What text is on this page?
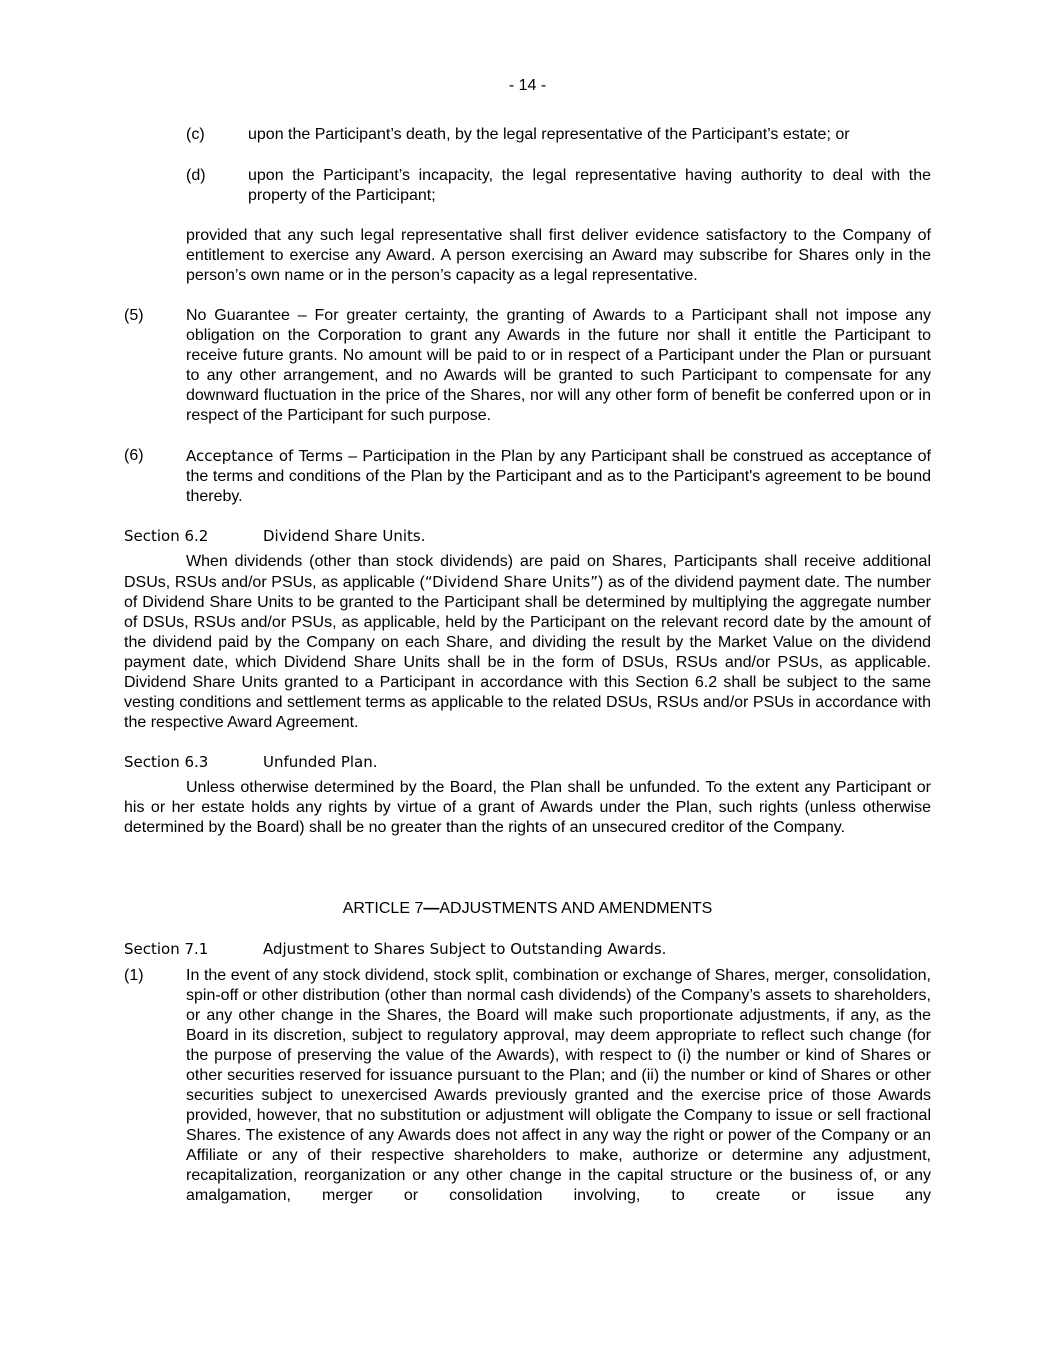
- 14 -
(c)	upon the Participant’s death, by the legal representative of the Participant’s estate; or
(d)	upon the Participant’s incapacity, the legal representative having authority to deal with the property of the Participant;
provided that any such legal representative shall first deliver evidence satisfactory to the Company of entitlement to exercise any Award. A person exercising an Award may subscribe for Shares only in the person’s own name or in the person’s capacity as a legal representative.
(5)	No Guarantee – For greater certainty, the granting of Awards to a Participant shall not impose any obligation on the Corporation to grant any Awards in the future nor shall it entitle the Participant to receive future grants. No amount will be paid to or in respect of a Participant under the Plan or pursuant to any other arrangement, and no Awards will be granted to such Participant to compensate for any downward fluctuation in the price of the Shares, nor will any other form of benefit be conferred upon or in respect of the Participant for such purpose.
(6)	Acceptance of Terms – Participation in the Plan by any Participant shall be construed as acceptance of the terms and conditions of the Plan by the Participant and as to the Participant's agreement to be bound thereby.
Section 6.2	Dividend Share Units.
When dividends (other than stock dividends) are paid on Shares, Participants shall receive additional DSUs, RSUs and/or PSUs, as applicable (“Dividend Share Units”) as of the dividend payment date. The number of Dividend Share Units to be granted to the Participant shall be determined by multiplying the aggregate number of DSUs, RSUs and/or PSUs, as applicable, held by the Participant on the relevant record date by the amount of the dividend paid by the Company on each Share, and dividing the result by the Market Value on the dividend payment date, which Dividend Share Units shall be in the form of DSUs, RSUs and/or PSUs, as applicable. Dividend Share Units granted to a Participant in accordance with this Section 6.2 shall be subject to the same vesting conditions and settlement terms as applicable to the related DSUs, RSUs and/or PSUs in accordance with the respective Award Agreement.
Section 6.3	Unfunded Plan.
Unless otherwise determined by the Board, the Plan shall be unfunded. To the extent any Participant or his or her estate holds any rights by virtue of a grant of Awards under the Plan, such rights (unless otherwise determined by the Board) shall be no greater than the rights of an unsecured creditor of the Company.
ARTICLE 7—ADJUSTMENTS AND AMENDMENTS
Section 7.1	Adjustment to Shares Subject to Outstanding Awards.
(1)	In the event of any stock dividend, stock split, combination or exchange of Shares, merger, consolidation, spin-off or other distribution (other than normal cash dividends) of the Company’s assets to shareholders, or any other change in the Shares, the Board will make such proportionate adjustments, if any, as the Board in its discretion, subject to regulatory approval, may deem appropriate to reflect such change (for the purpose of preserving the value of the Awards), with respect to (i) the number or kind of Shares or other securities reserved for issuance pursuant to the Plan; and (ii) the number or kind of Shares or other securities subject to unexercised Awards previously granted and the exercise price of those Awards provided, however, that no substitution or adjustment will obligate the Company to issue or sell fractional Shares. The existence of any Awards does not affect in any way the right or power of the Company or an Affiliate or any of their respective shareholders to make, authorize or determine any adjustment, recapitalization, reorganization or any other change in the capital structure or the business of, or any amalgamation, merger or consolidation involving, to create or issue any
